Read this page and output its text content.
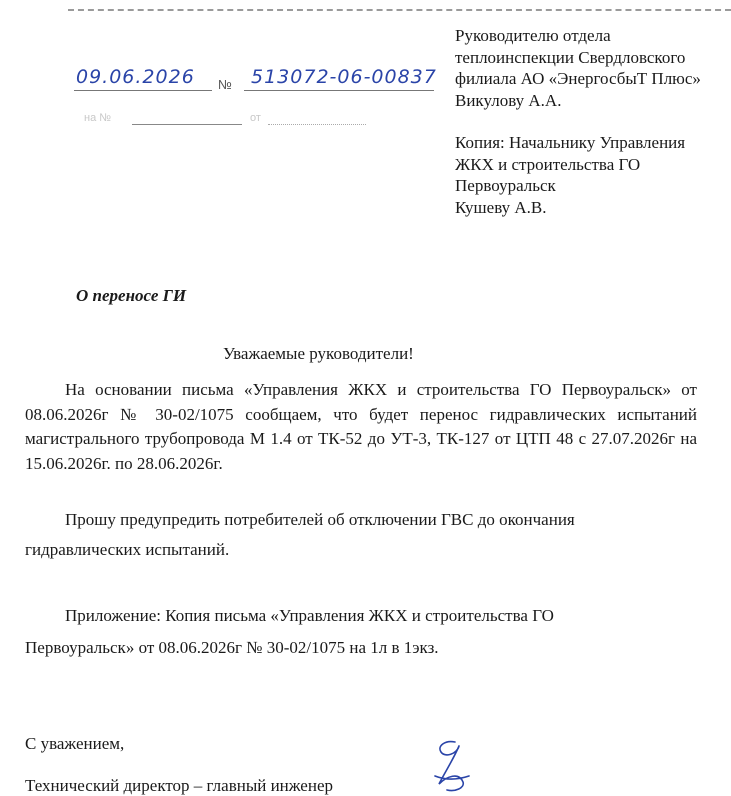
Руководителю отдела
теплоинспекции Свердловского
филиала АО «ЭнергосбыТ Плюс»
Викулову А.А.
Копия: Начальнику Управления
ЖКХ и строительства ГО
Первоуральск
Кушеву А.В.
09.06.2026 № 513072-06-00837
на №	от
О переносе ГИ
Уважаемые руководители!
На основании письма «Управления ЖКХ и строительства ГО Первоуральск» от 08.06.2026г № 30-02/1075 сообщаем, что будет перенос гидравлических испытаний магистрального трубопровода М 1.4 от ТК-52 до УТ-3, ТК-127 от ЦТП 48 с 27.07.2026г на 15.06.2026г. по 28.06.2026г.
Прошу предупредить потребителей об отключении ГВС до окончания
гидравлических испытаний.
Приложение: Копия письма «Управления ЖКХ и строительства ГО
Первоуральск» от 08.06.2026г № 30-02/1075 на 1л в 1экз.
С уважением,
Технический директор – главный инженер
